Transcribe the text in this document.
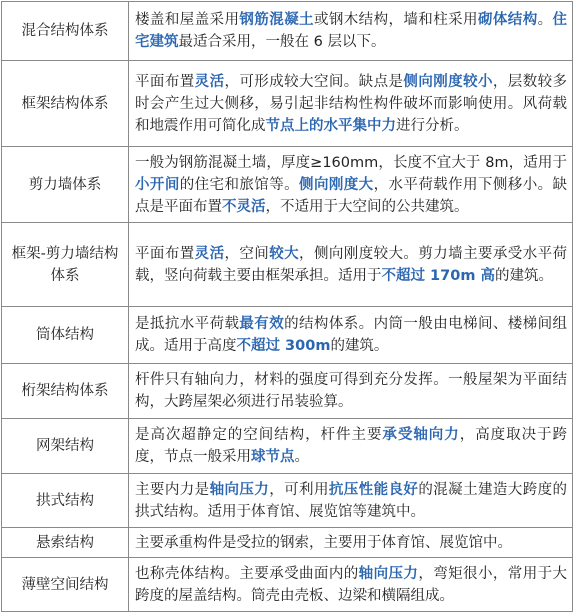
混合结构体系	楼盖和屋盖采用钢筋混凝土或钢木结构，墙和柱采用砌体结构。住宅建筑最适合采用，一般在 6 层以下。
框架结构体系	平面布置灵活，可形成较大空间。缺点是侧向刚度较小，层数较多时会产生过大侧移，易引起非结构性构件破坏而影响使用。风荷载和地震作用可简化成节点上的水平集中力进行分析。
剪力墙体系	一般为钢筋混凝土墙，厚度≥160mm，长度不宜大于 8m，适用于小开间的住宅和旅馆等。侧向刚度大，水平荷载作用下侧移小。缺点是平面布置不灵活，不适用于大空间的公共建筑。
框架-剪力墙结构体系	平面布置灵活，空间较大，侧向刚度较大。剪力墙主要承受水平荷载，竖向荷载主要由框架承担。适用于不超过 170m 高的建筑。
筒体结构	是抵抗水平荷载最有效的结构体系。内筒一般由电梯间、楼梯间组成。适用于高度不超过 300m的建筑。
桁架结构体系	杆件只有轴向力，材料的强度可得到充分发挥。一般屋架为平面结构，大跨屋架必须进行吊装验算。
网架结构	是高次超静定的空间结构，杆件主要承受轴向力，高度取决于跨度，节点一般采用球节点。
拱式结构	主要内力是轴向压力，可利用抗压性能良好的混凝土建造大跨度的拱式结构。适用于体育馆、展览馆等建筑中。
悬索结构	主要承重构件是受拉的钢索，主要用于体育馆、展览馆中。
薄壁空间结构	也称壳体结构。主要承受曲面内的轴向压力，弯矩很小，常用于大跨度的屋盖结构。筒壳由壳板、边梁和横隔组成。
